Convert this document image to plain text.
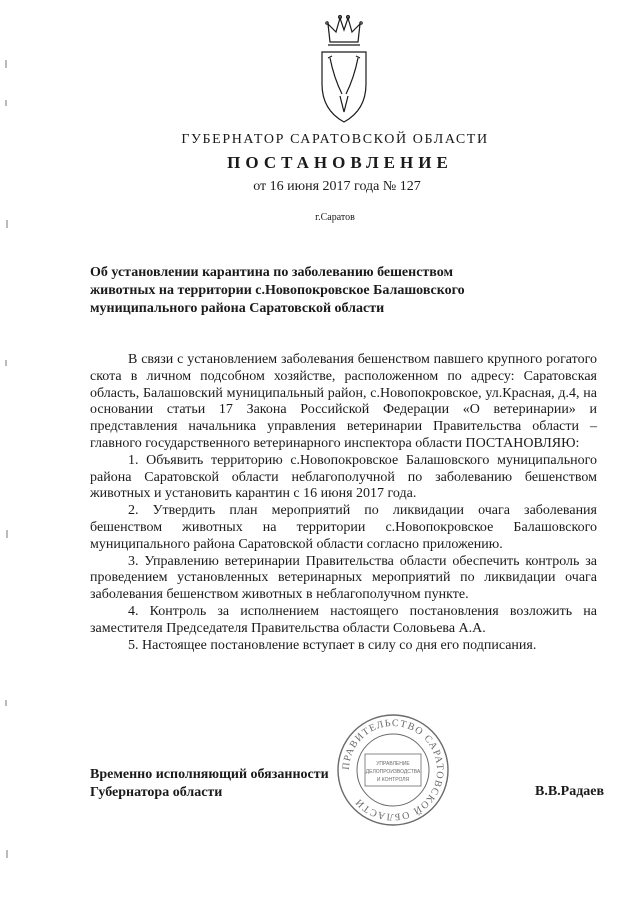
ГУБЕРНАТОР САРАТОВСКОЙ ОБЛАСТИ
ПОСТАНОВЛЕНИЕ
от 16 июня 2017 года № 127
г.Саратов
Об установлении карантина по заболеванию бешенством
животных на территории с.Новопокровское Балашовского
муниципального района Саратовской области

В связи с установлением заболевания бешенством павшего крупного рогатого скота в личном подсобном хозяйстве, расположенном по адресу: Саратовская область, Балашовский муниципальный район, с.Новопокровское, ул.Красная, д.4, на основании статьи 17 Закона Российской Федерации «О ветеринарии» и представления начальника управления ветеринарии Правительства области – главного государственного ветеринарного инспектора области ПОСТАНОВЛЯЮ:

1. Объявить территорию с.Новопокровское Балашовского муниципального района Саратовской области неблагополучной по заболеванию бешенством животных и установить карантин с 16 июня 2017 года.

2. Утвердить план мероприятий по ликвидации очага заболевания бешенством животных на территории с.Новопокровское Балашовского муниципального района Саратовской области согласно приложению.

3. Управлению ветеринарии Правительства области обеспечить контроль за проведением установленных ветеринарных мероприятий по ликвидации очага заболевания бешенством животных в неблагополучном пункте.

4. Контроль за исполнением настоящего постановления возложить на заместителя Председателя Правительства области Соловьева А.А.

5. Настоящее постановление вступает в силу со дня его подписания.

ПРАВИТЕЛЬСТВО САРАТОВСКОЙ ОБЛАСТИ
УПРАВЛЕНИЕ
ДЕЛОПРОИЗВОДСТВА
И КОНТРОЛЯ
Временно исполняющий обязанности
Губернатора области	В.В.Радаев
